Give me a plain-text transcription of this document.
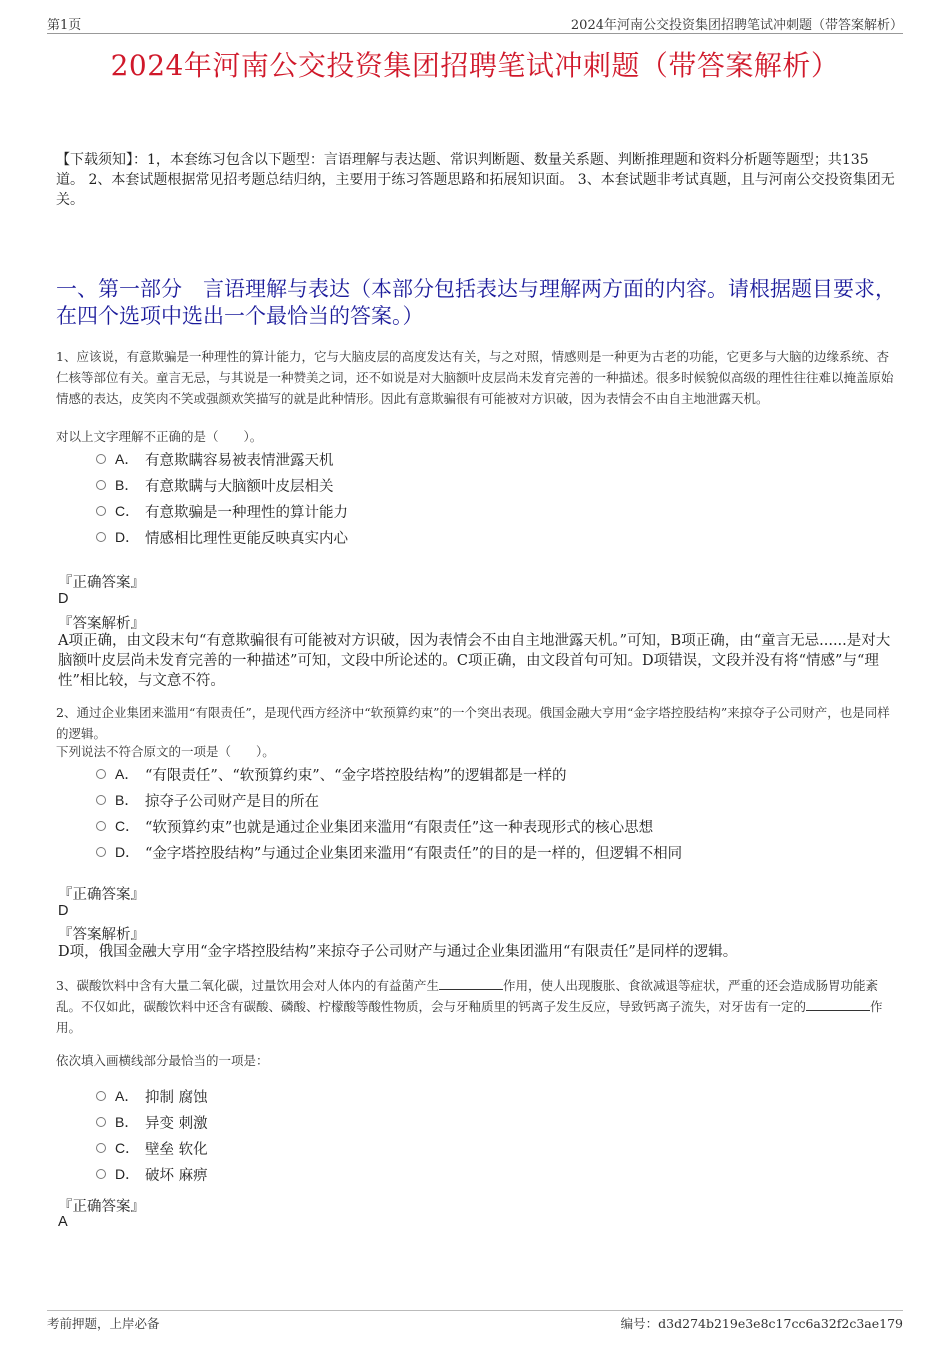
第1页	2024年河南公交投资集团招聘笔试冲刺题（带答案解析）
2024年河南公交投资集团招聘笔试冲刺题（带答案解析）
【下载须知】：1，本套练习包含以下题型：言语理解与表达题、常识判断题、数量关系题、判断推理题和资料分析题等题型；共135道。 2、本套试题根据常见招考题总结归纳，主要用于练习答题思路和拓展知识面。 3、本套试题非考试真题，且与河南公交投资集团无关。
一、第一部分　言语理解与表达（本部分包括表达与理解两方面的内容。请根据题目要求，在四个选项中选出一个最恰当的答案。）
1、应该说，有意欺骗是一种理性的算计能力，它与大脑皮层的高度发达有关，与之对照，情感则是一种更为古老的功能，它更多与大脑的边缘系统、杏仁核等部位有关。童言无忌，与其说是一种赞美之词，还不如说是对大脑额叶皮层尚未发育完善的一种描述。很多时候貌似高级的理性往往难以掩盖原始情感的表达，皮笑肉不笑或强颜欢笑描写的就是此种情形。因此有意欺骗很有可能被对方识破，因为表情会不由自主地泄露天机。
对以上文字理解不正确的是（　　）。
A． 有意欺瞒容易被表情泄露天机
B． 有意欺瞒与大脑额叶皮层相关
C． 有意欺骗是一种理性的算计能力
D． 情感相比理性更能反映真实内心
『正确答案』
D
『答案解析』
A项正确，由文段末句“有意欺骗很有可能被对方识破，因为表情会不由自主地泄露天机。”可知，B项正确，由“童言无忌......是对大脑额叶皮层尚未发育完善的一种描述”可知，文段中所论述的。C项正确，由文段首句可知。D项错误，文段并没有将“情感”与“理性”相比较，与文意不符。
2、通过企业集团来滥用“有限责任”，是现代西方经济中“软预算约束”的一个突出表现。俄国金融大亨用“金字塔控股结构”来掠夺子公司财产，也是同样的逻辑。
下列说法不符合原文的一项是（　　）。
A． “有限责任”、“软预算约束”、“金字塔控股结构”的逻辑都是一样的
B． 掠夺子公司财产是目的所在
C． “软预算约束”也就是通过企业集团来滥用“有限责任”这一种表现形式的核心思想
D． “金字塔控股结构”与通过企业集团来滥用“有限责任”的目的是一样的，但逻辑不相同
『正确答案』
D
『答案解析』
D项，俄国金融大亨用“金字塔控股结构”来掠夺子公司财产与通过企业集团滥用“有限责任”是同样的逻辑。
3、碳酸饮料中含有大量二氧化碳，过量饮用会对人体内的有益菌产生	作用，使人出现腹胀、食欲减退等症状，严重的还会造成肠胃功能紊乱。不仅如此，碳酸饮料中还含有碳酸、磷酸、柠檬酸等酸性物质，会与牙釉质里的钙离子发生反应，导致钙离子流失，对牙齿有一定的	作用。
依次填入画横线部分最恰当的一项是：
A． 抑制 腐蚀
B． 异变 刺激
C． 壁垒 软化
D． 破坏 麻痹
『正确答案』
A
考前押题，上岸必备	编号：d3d274b219e3e8c17cc6a32f2c3ae179
